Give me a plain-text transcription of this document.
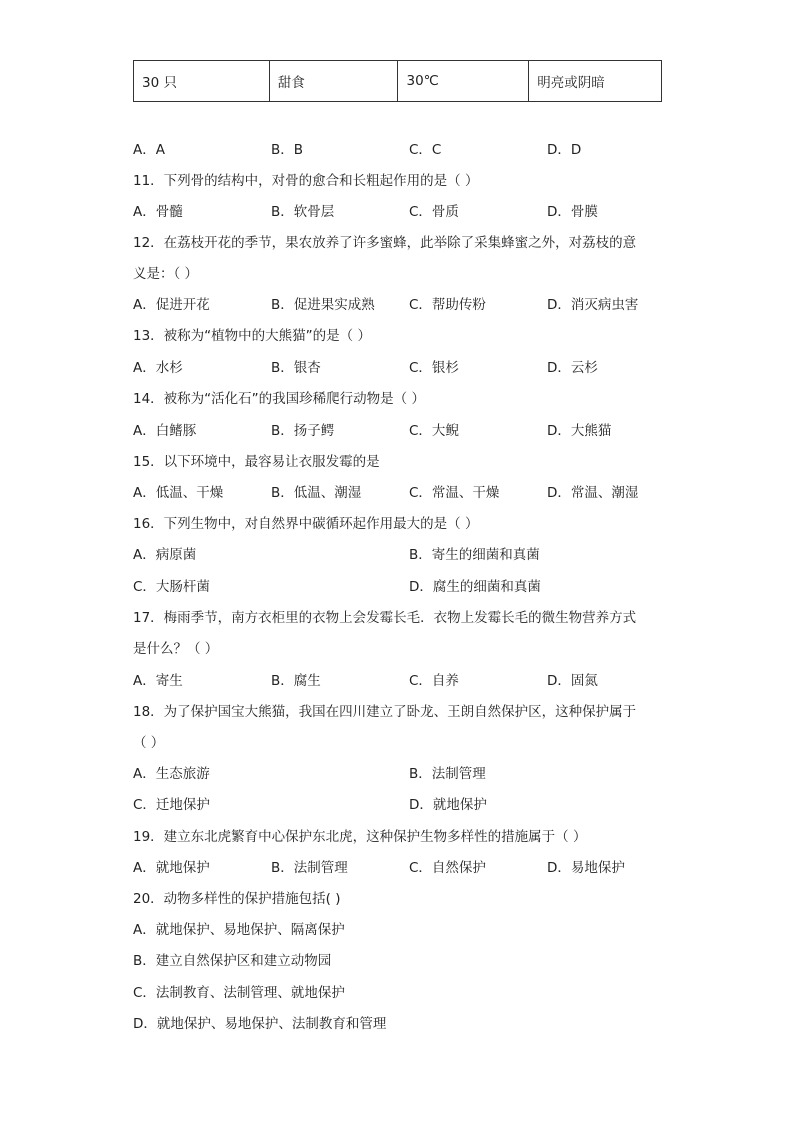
30 只	甜食	30℃	明亮或阴暗
A．A	B．B	C．C	D．D
11．下列骨的结构中，对骨的愈合和长粗起作用的是（ ）
A．骨髓	B．软骨层	C．骨质	D．骨膜
12．在荔枝开花的季节，果农放养了许多蜜蜂，此举除了采集蜂蜜之外，对荔枝的意
义是：（ ）
A．促进开花	B．促进果实成熟	C．帮助传粉	D．消灭病虫害
13．被称为“植物中的大熊猫”的是（ ）
A．水杉	B．银杏	C．银杉	D．云杉
14．被称为“活化石”的我国珍稀爬行动物是（ ）
A．白鳍豚	B．扬子鳄	C．大鲵	D．大熊猫
15．以下环境中，最容易让衣服发霉的是
A．低温、干燥	B．低温、潮湿	C．常温、干燥	D．常温、潮湿
16．下列生物中，对自然界中碳循环起作用最大的是（ ）
A．病原菌	B．寄生的细菌和真菌
C．大肠杆菌	D．腐生的细菌和真菌
17．梅雨季节，南方衣柜里的衣物上会发霉长毛．衣物上发霉长毛的微生物营养方式
是什么？（ ）
A．寄生	B．腐生	C．自养	D．固氮
18．为了保护国宝大熊猫，我国在四川建立了卧龙、王朗自然保护区，这种保护属于
（ ）
A．生态旅游	B．法制管理
C．迁地保护	D．就地保护
19．建立东北虎繁育中心保护东北虎，这种保护生物多样性的措施属于（ ）
A．就地保护	B．法制管理	C．自然保护	D．易地保护
20．动物多样性的保护措施包括( )
A．就地保护、易地保护、隔离保护
B．建立自然保护区和建立动物园
C．法制教育、法制管理、就地保护
D．就地保护、易地保护、法制教育和管理
